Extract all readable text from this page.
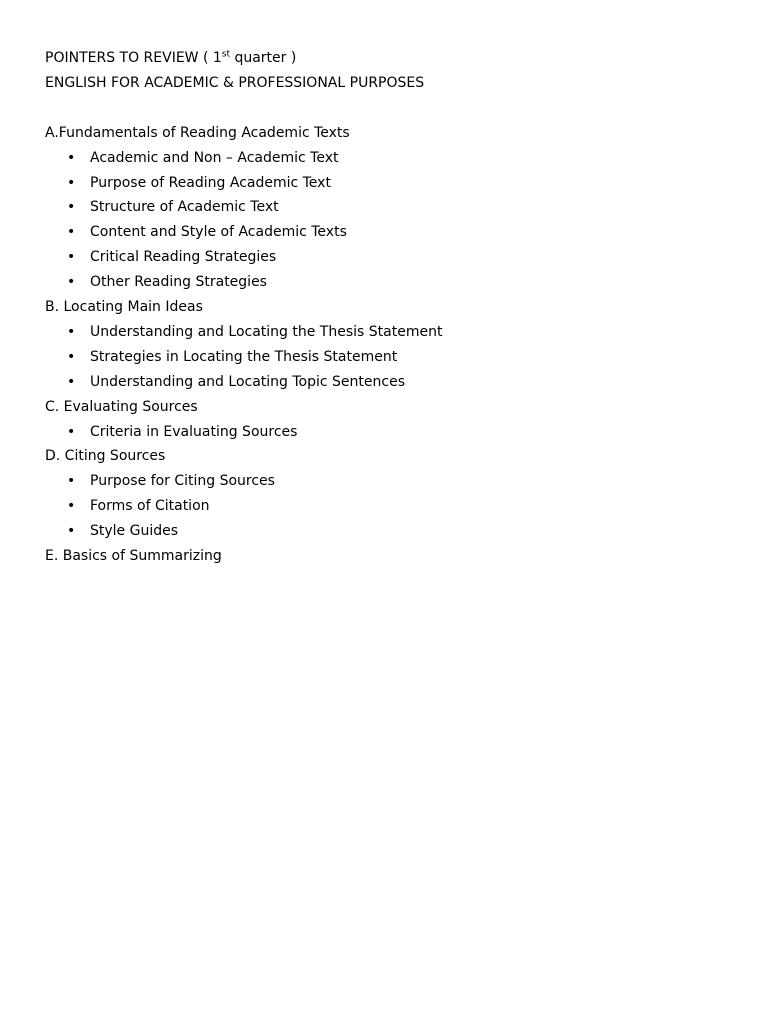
POINTERS TO REVIEW ( 1st quarter )
ENGLISH FOR ACADEMIC & PROFESSIONAL PURPOSES
A.Fundamentals of Reading Academic Texts
• Academic and Non – Academic Text
• Purpose of Reading Academic Text
• Structure of Academic Text
• Content and Style of Academic Texts
• Critical Reading Strategies
• Other Reading Strategies
B. Locating Main Ideas
• Understanding and Locating the Thesis Statement
• Strategies in Locating the Thesis Statement
• Understanding and Locating Topic Sentences
C. Evaluating Sources
• Criteria in Evaluating Sources
D. Citing Sources
• Purpose for Citing Sources
• Forms of Citation
• Style Guides
E. Basics of Summarizing
